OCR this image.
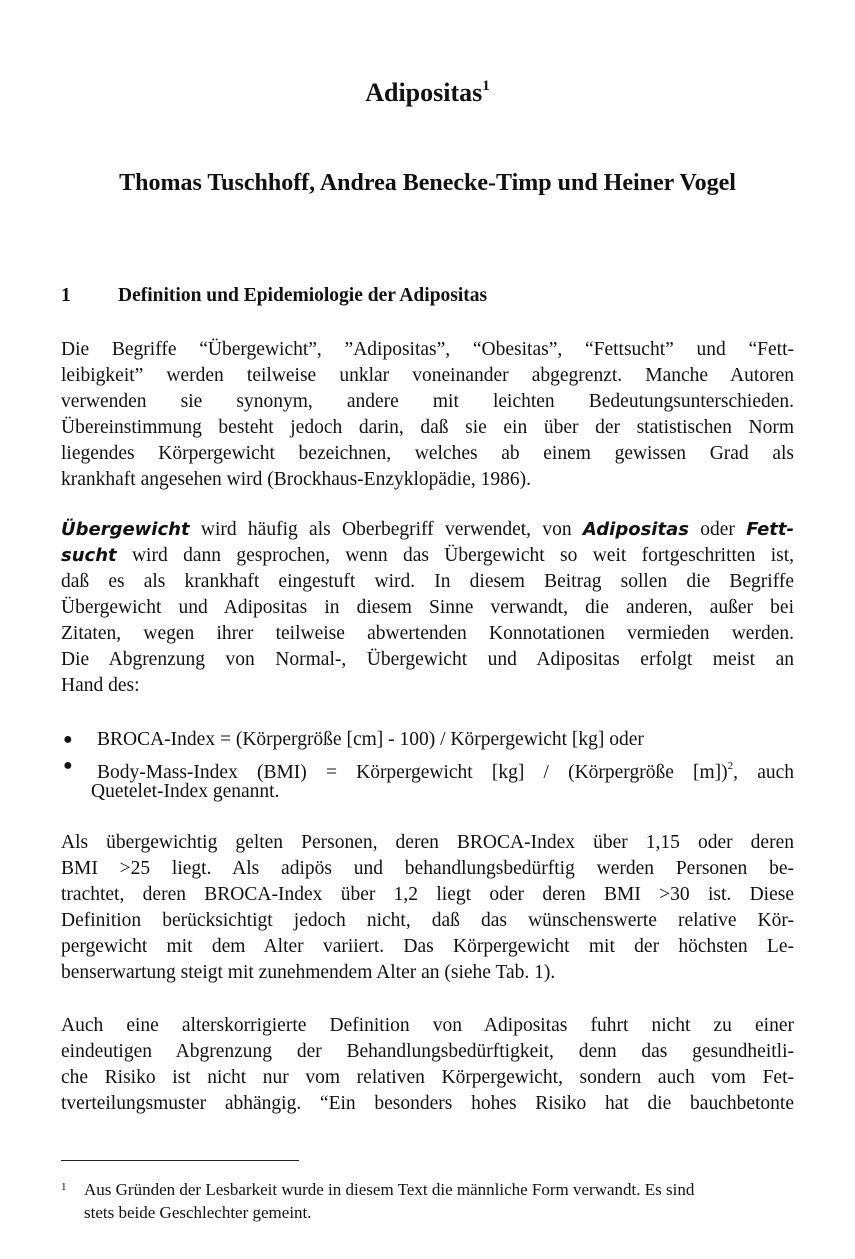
Adipositas$^1$
Thomas Tuschhoff, Andrea Benecke-Timp und Heiner Vogel
1 Definition und Epidemiologie der Adipositas
Die Begriffe “Übergewicht”, ”Adipositas”, “Obesitas”, “Fettsucht” und “Fett-
leibigkeit” werden teilweise unklar voneinander abgegrenzt. Manche Autoren
verwenden sie synonym, andere mit leichten Bedeutungsunterschieden.
Übereinstimmung besteht jedoch darin, daß sie ein über der statistischen Norm
liegendes Körpergewicht bezeichnen, welches ab einem gewissen Grad als
krankhaft angesehen wird (Brockhaus-Enzyklopädie, 1986).
Übergewicht wird häufig als Oberbegriff verwendet, von Adipositas oder Fett-
sucht wird dann gesprochen, wenn das Übergewicht so weit fortgeschritten ist,
daß es als krankhaft eingestuft wird. In diesem Beitrag sollen die Begriffe
Übergewicht und Adipositas in diesem Sinne verwandt, die anderen, außer bei
Zitaten, wegen ihrer teilweise abwertenden Konnotationen vermieden werden.
Die Abgrenzung von Normal-, Übergewicht und Adipositas erfolgt meist an
Hand des:
● BROCA-Index = (Körpergröße [cm] - 100) / Körpergewicht [kg] oder
● Body-Mass-Index (BMI) = Körpergewicht [kg] / (Körpergröße [m])$^2$, auch
Quetelet-Index genannt.
Als übergewichtig gelten Personen, deren BROCA-Index über 1,15 oder deren
BMI >25 liegt. Als adipös und behandlungsbedürftig werden Personen be-
trachtet, deren BROCA-Index über 1,2 liegt oder deren BMI >30 ist. Diese
Definition berücksichtigt jedoch nicht, daß das wünschenswerte relative Kör-
pergewicht mit dem Alter variiert. Das Körpergewicht mit der höchsten Le-
benserwartung steigt mit zunehmendem Alter an (siehe Tab. 1).
Auch eine alterskorrigierte Definition von Adipositas fuhrt nicht zu einer
eindeutigen Abgrenzung der Behandlungsbedürftigkeit, denn das gesundheitli-
che Risiko ist nicht nur vom relativen Körpergewicht, sondern auch vom Fet-
tverteilungsmuster abhängig. “Ein besonders hohes Risiko hat die bauchbetonte
1 Aus Gründen der Lesbarkeit wurde in diesem Text die männliche Form verwandt. Es sind
stets beide Geschlechter gemeint.
